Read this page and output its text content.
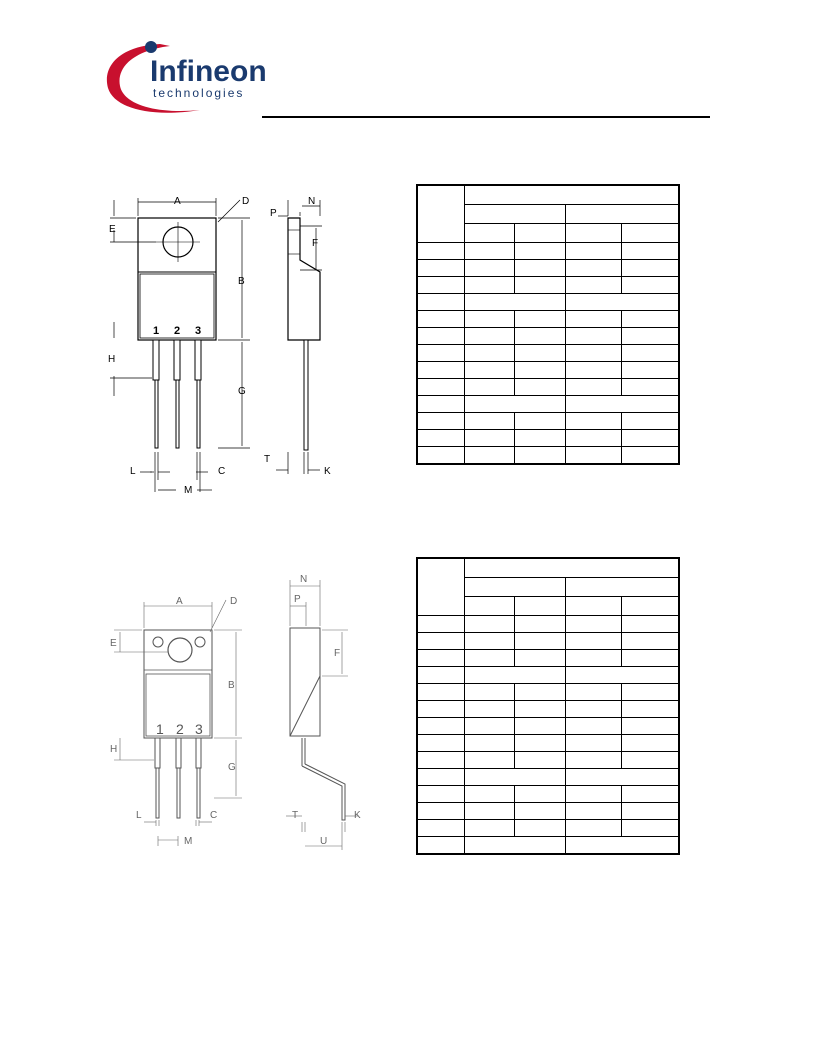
Infineon
technologies
1 2 3
A
B
C
D
E
G
H
L
M
N
P
F
T
K

1 2 3
A
B
C
D
E
G
H
L
M
N
P
F
T	K
U
